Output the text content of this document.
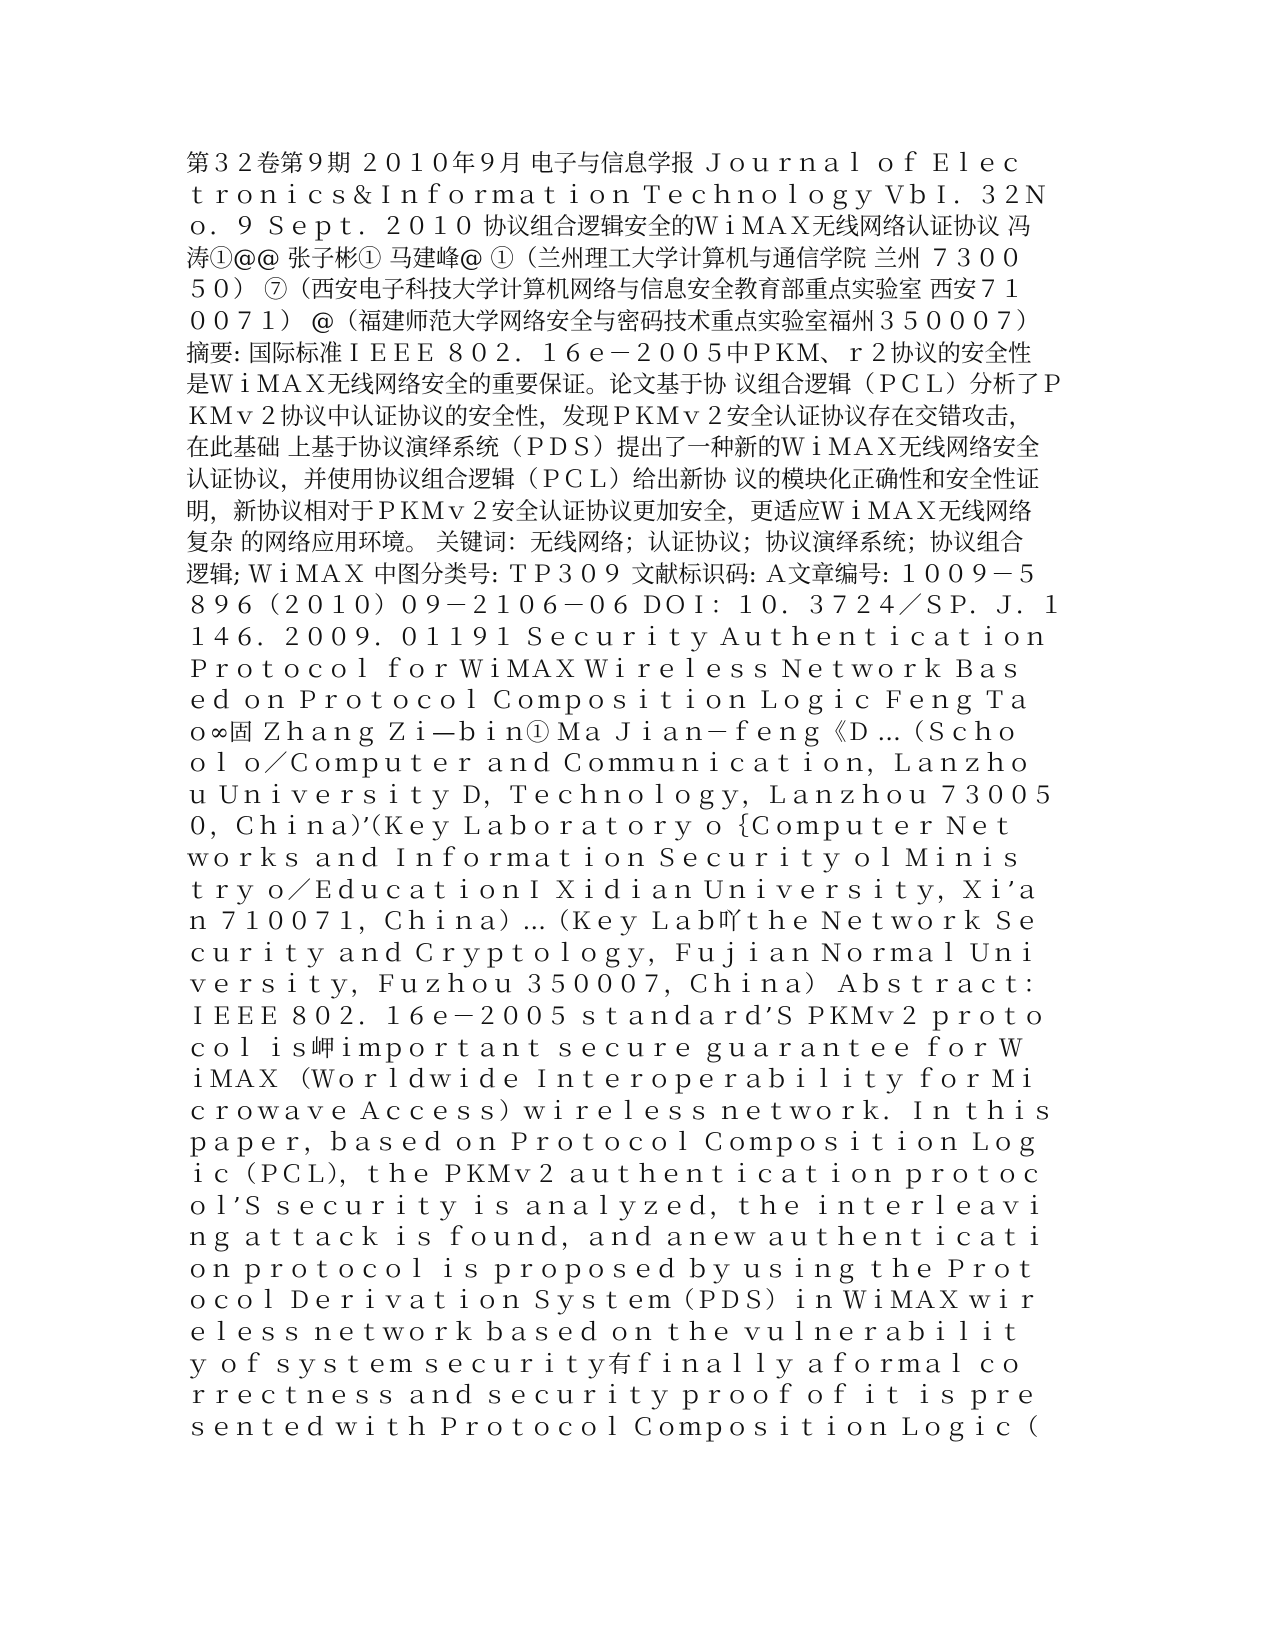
第３２卷第９期 ２０１０年９月 电子与信息学报 Ｊｏｕｒｎａｌ ｏｆ Ｅｌｅｃ
ｔｒｏｎｉｃｓ＆Ｉｎｆｏｒｍａｔｉｏｎ Ｔｅｃｈｎｏｌｏｇｙ ＶｂＩ．３２Ｎ
ｏ．９ Ｓｅｐｔ．２０１０ 协议组合逻辑安全的ＷｉＭＡＸ无线网络认证协议 冯
涛①@@ 张子彬① 马建峰@ ①（兰州理工大学计算机与通信学院 兰州 ７３００
５０） ⑦（西安电子科技大学计算机网络与信息安全教育部重点实验室 西安７１
００７１） @（福建师范大学网络安全与密码技术重点实验室福州３５０００７）
摘要: 国际标准ＩＥＥＥ ８０２．１６ｅ－２００５中ＰＫＭ、ｒ２协议的安全性
是ＷｉＭＡＸ无线网络安全的重要保证。论文基于协 议组合逻辑（ＰＣＬ）分析了Ｐ
ＫＭｖ２协议中认证协议的安全性，发现ＰＫＭｖ２安全认证协议存在交错攻击，
在此基础 上基于协议演绎系统（ＰＤＳ）提出了一种新的ＷｉＭＡＸ无线网络安全
认证协议，并使用协议组合逻辑（ＰＣＬ）给出新协 议的模块化正确性和安全性证
明，新协议相对于ＰＫＭｖ２安全认证协议更加安全，更适应ＷｉＭＡＸ无线网络
复杂 的网络应用环境。 关键词：无线网络；认证协议；协议演绎系统；协议组合
逻辑; ＷｉＭＡＸ 中图分类号: ＴＰ３０９ 文献标识码: Ａ文章编号: １００９－５
８９６（２０１０）０９－２１０６－０６ ＤＯＩ：１０．３７２４／ＳＰ．Ｊ．１
１４６．２００９．０１１９１ Ｓｅｃｕｒｉｔｙ Ａｕｔｈｅｎｔｉｃａｔｉｏｎ
Ｐｒｏｔｏｃｏｌ ｆｏｒ ＷｉＭＡＸ Ｗｉｒｅｌｅｓｓ Ｎｅｔｗｏｒｋ Ｂａｓ
ｅｄ ｏｎ Ｐｒｏｔｏｃｏｌ Ｃｏｍｐｏｓｉｔｉｏｎ Ｌｏｇｉｃ Ｆｅｎｇ Ｔａ
ｏ∞固 Ｚｈａｎｇ Ｚｉ—ｂｉｎ① Ｍａ Ｊｉａｎ－ｆｅｎｇ《Ｄ …（Ｓｃｈｏ
ｏｌ ｏ／Ｃｏｍｐｕｔｅｒ ａｎｄ Ｃｏｍｍｕｎｉｃａｔｉｏｎ，Ｌａｎｚｈｏ
ｕ Ｕｎｉｖｅｒｓｉｔｙ Ｄ，Ｔｅｃｈｎｏｌｏｇｙ，Ｌａｎｚｈｏｕ ７３００５
０，Ｃｈｉｎａ）’（Ｋｅｙ Ｌａｂｏｒａｔｏｒｙ ｏ｛Ｃｏｍｐｕｔｅｒ Ｎｅｔ
ｗｏｒｋｓ ａｎｄ Ｉｎｆｏｒｍａｔｉｏｎ Ｓｅｃｕｒｉｔｙ ｏｌ Ｍｉｎｉｓ
ｔｒｙ ｏ／ＥｄｕｃａｔｉｏｎＩ Ｘｉｄｉａｎ Ｕｎｉｖｅｒｓｉｔｙ，Ｘｉ’ａ
ｎ ７１００７１，Ｃｈｉｎａ）…（Ｋｅｙ Ｌａｂ吖ｔｈｅ Ｎｅｔｗｏｒｋ Ｓｅ
ｃｕｒｉｔｙ ａｎｄ Ｃｒｙｐｔｏｌｏｇｙ，Ｆｕｊｉａｎ Ｎｏｒｍａｌ Ｕｎｉ
ｖｅｒｓｉｔｙ，Ｆｕｚｈｏｕ ３５０００７，Ｃｈｉｎａ） Ａｂｓｔｒａｃｔ：
ＩＥＥＥ ８０２．１６ｅ－２００５ ｓｔａｎｄａｒｄ’Ｓ ＰＫＭｖ２ ｐｒｏｔｏ
ｃｏｌ ｉｓ岬ｉｍｐｏｒｔａｎｔ ｓｅｃｕｒｅ ｇｕａｒａｎｔｅｅ ｆｏｒ Ｗ
ｉＭＡＸ （Ｗｏｒｌｄｗｉｄｅ Ｉｎｔｅｒｏｐｅｒａｂｉｌｉｔｙ ｆｏｒ Ｍｉ
ｃｒｏｗａｖｅ Ａｃｃｅｓｓ）ｗｉｒｅｌｅｓｓ ｎｅｔｗｏｒｋ．Ｉｎ ｔｈｉｓ
ｐａｐｅｒ，ｂａｓｅｄ ｏｎ Ｐｒｏｔｏｃｏｌ Ｃｏｍｐｏｓｉｔｉｏｎ Ｌｏｇ
ｉｃ（ＰＣＬ），ｔｈｅ ＰＫＭｖ２ ａｕｔｈｅｎｔｉｃａｔｉｏｎ ｐｒｏｔｏｃ
ｏｌ’Ｓ ｓｅｃｕｒｉｔｙ ｉｓ ａｎａｌｙｚｅｄ，ｔｈｅ ｉｎｔｅｒｌｅａｖｉ
ｎｇ ａｔｔａｃｋ ｉｓ ｆｏｕｎｄ，ａｎｄ ａｎｅｗ ａｕｔｈｅｎｔｉｃａｔｉ
ｏｎ ｐｒｏｔｏｃｏｌ ｉｓ ｐｒｏｐｏｓｅｄ ｂｙ ｕｓｉｎｇ ｔｈｅ Ｐｒｏｔ
ｏｃｏｌ Ｄｅｒｉｖａｔｉｏｎ Ｓｙｓｔｅｍ（ＰＤＳ）ｉｎ ＷｉＭＡＸ ｗｉｒ
ｅｌｅｓｓ ｎｅｔｗｏｒｋ ｂａｓｅｄ ｏｎ ｔｈｅ ｖｕｌｎｅｒａｂｉｌｉｔ
ｙ ｏｆ ｓｙｓｔｅｍ ｓｅｃｕｒｉｔｙ有ｆｉｎａｌｌｙ ａｆｏｒｍａｌ ｃｏ
ｒｒｅｃｔｎｅｓｓ ａｎｄ ｓｅｃｕｒｉｔｙ ｐｒｏｏｆ ｏｆ ｉｔ ｉｓ ｐｒｅ
ｓｅｎｔｅｄ ｗｉｔｈ Ｐｒｏｔｏｃｏｌ Ｃｏｍｐｏｓｉｔｉｏｎ Ｌｏｇｉｃ（
